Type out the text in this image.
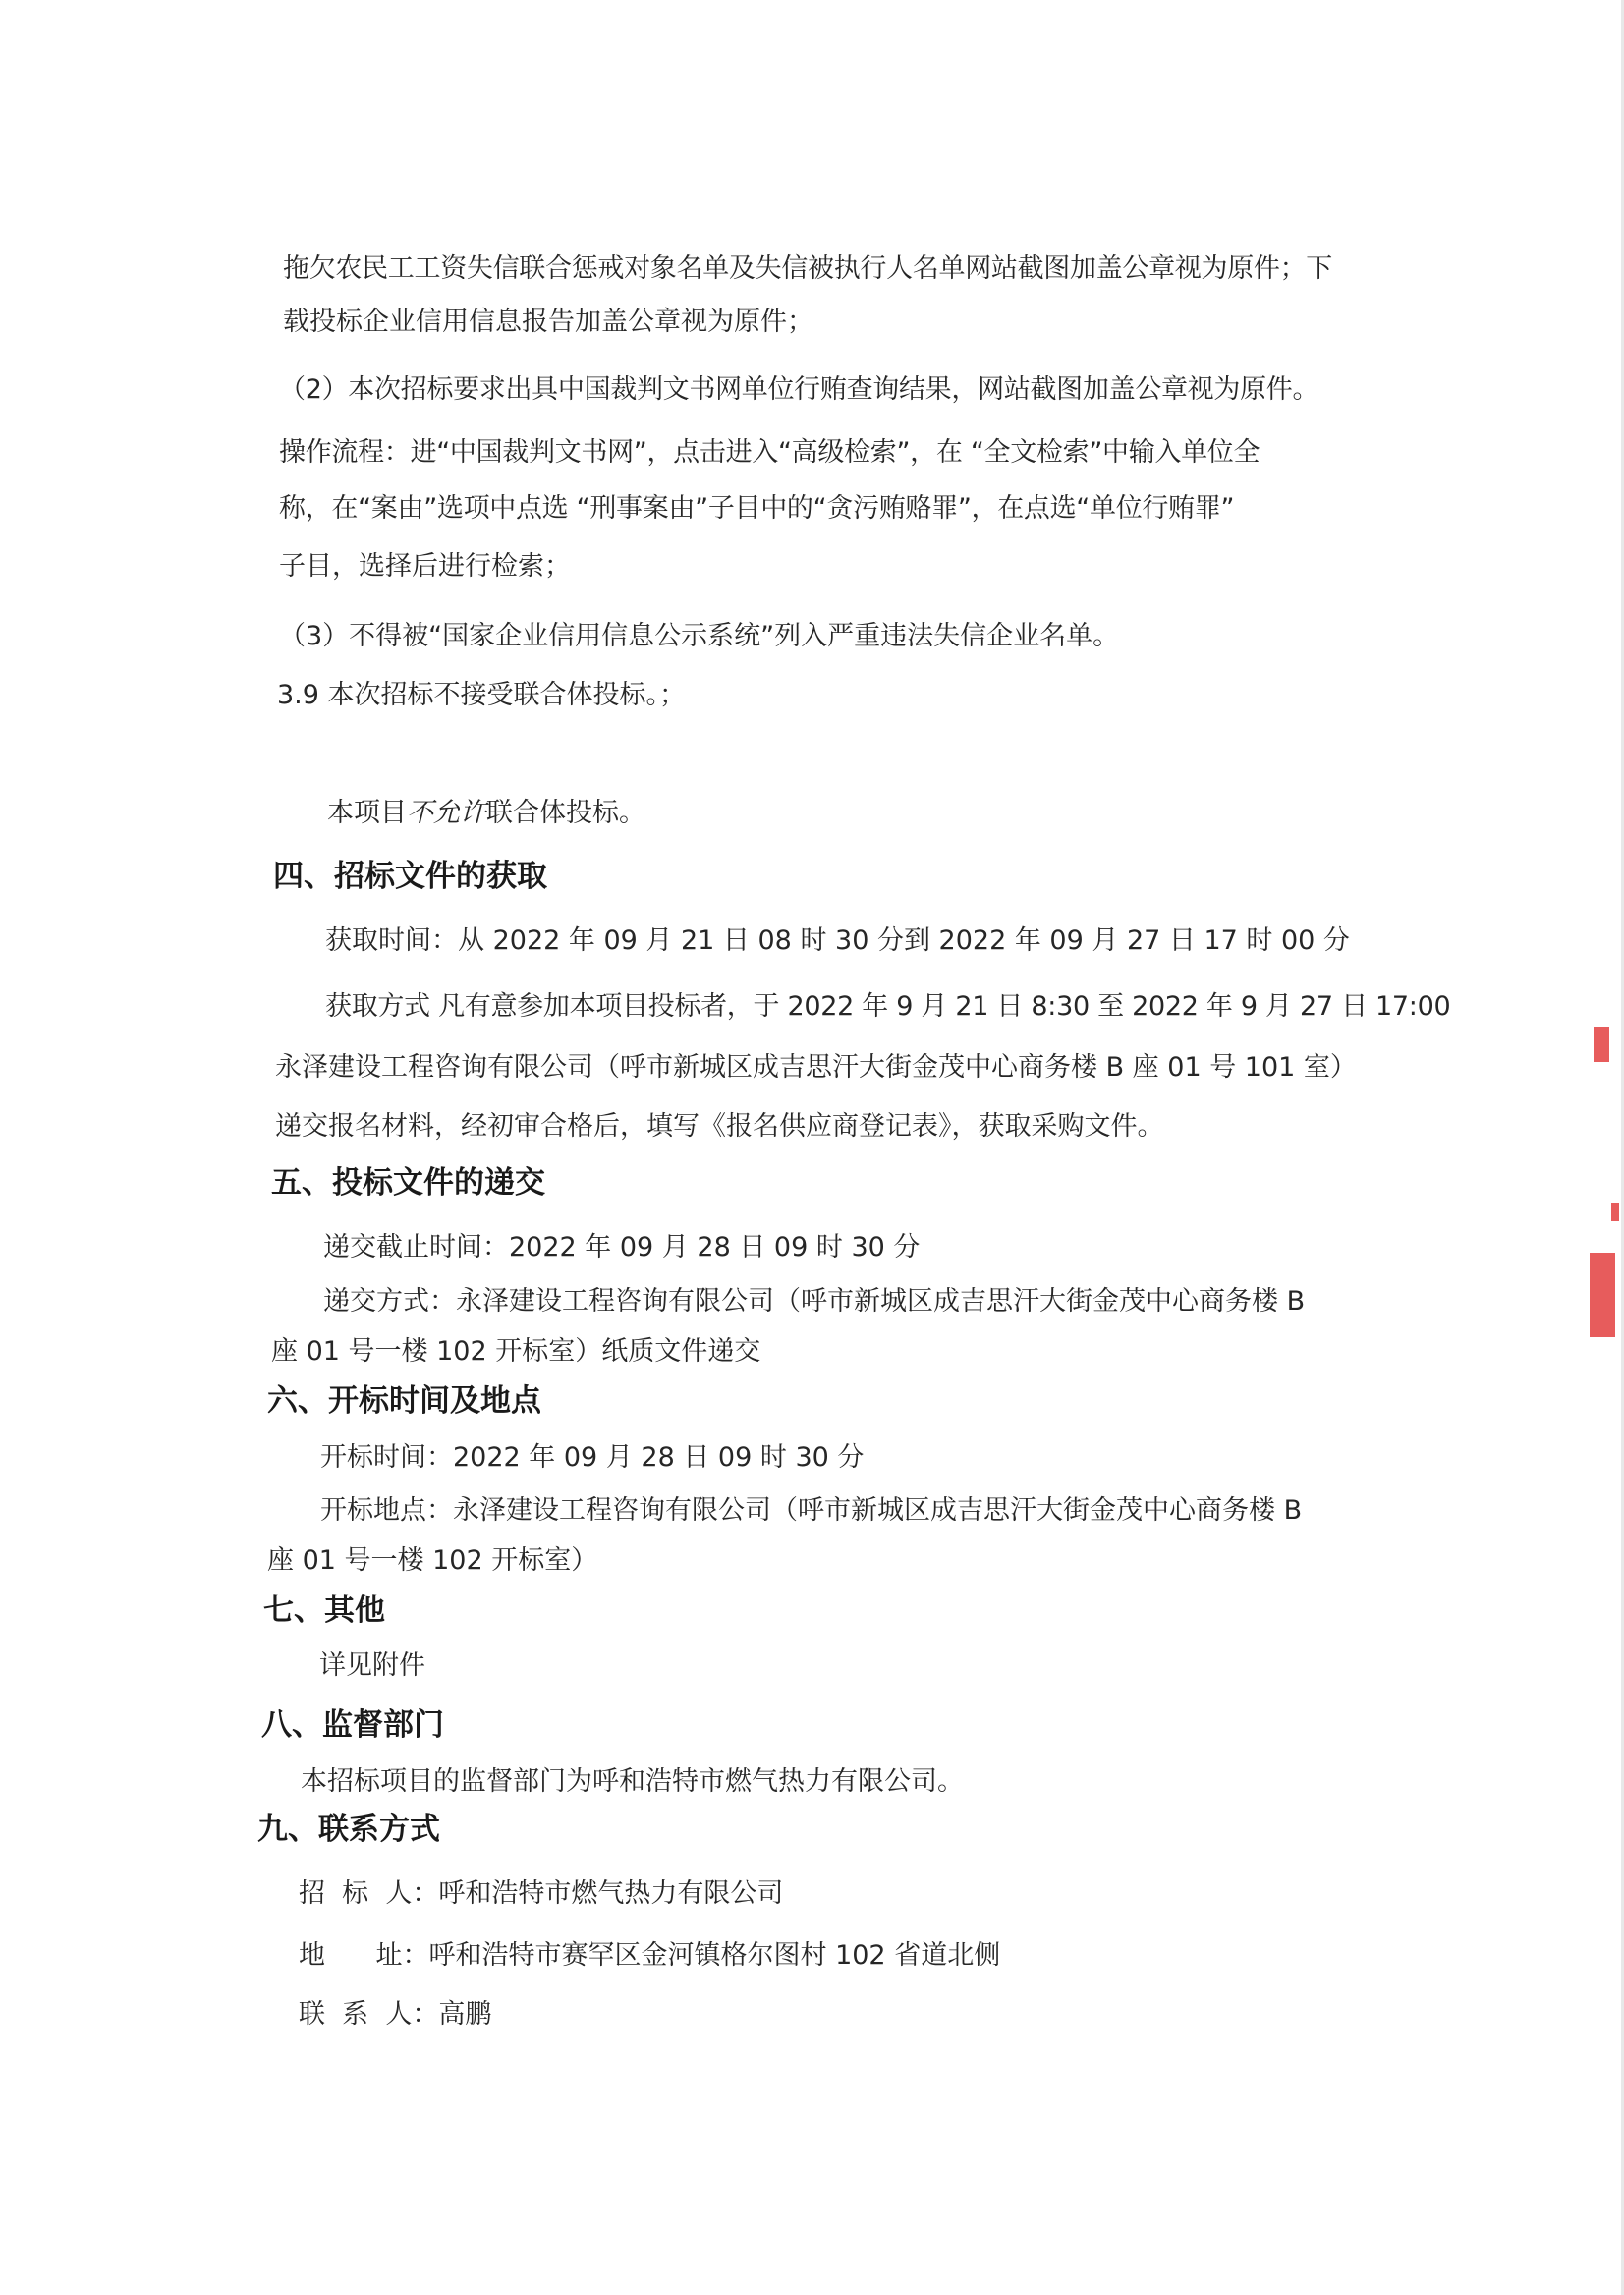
拖欠农民工工资失信联合惩戒对象名单及失信被执行人名单网站截图加盖公章视为原件；下
载投标企业信用信息报告加盖公章视为原件；
（2）本次招标要求出具中国裁判文书网单位行贿查询结果，网站截图加盖公章视为原件。
操作流程：进“中国裁判文书网”，点击进入“高级检索”，在 “全文检索”中输入单位全
称，在“案由”选项中点选 “刑事案由”子目中的“贪污贿赂罪”，在点选“单位行贿罪”
子目，选择后进行检索；
（3）不得被“国家企业信用信息公示系统”列入严重违法失信企业名单。
3.9 本次招标不接受联合体投标。；
本项目不允许联合体投标。
四、招标文件的获取
获取时间：从 2022 年 09 月 21 日 08 时 30 分到 2022 年 09 月 27 日 17 时 00 分
获取方式 凡有意参加本项目投标者，于 2022 年 9 月 21 日 8:30 至 2022 年 9 月 27 日 17:00
永泽建设工程咨询有限公司（呼市新城区成吉思汗大街金茂中心商务楼 B 座 01 号 101 室）
递交报名材料，经初审合格后，填写《报名供应商登记表》，获取采购文件。
五、投标文件的递交
递交截止时间：2022 年 09 月 28 日 09 时 30 分
递交方式：永泽建设工程咨询有限公司（呼市新城区成吉思汗大街金茂中心商务楼 B
座 01 号一楼 102 开标室）纸质文件递交
六、开标时间及地点
开标时间：2022 年 09 月 28 日 09 时 30 分
开标地点：永泽建设工程咨询有限公司（呼市新城区成吉思汗大街金茂中心商务楼 B
座 01 号一楼 102 开标室）
七、其他
详见附件
八、监督部门
本招标项目的监督部门为呼和浩特市燃气热力有限公司。
九、联系方式
招  标  人：呼和浩特市燃气热力有限公司
地      址：呼和浩特市赛罕区金河镇格尔图村 102 省道北侧
联  系  人：高鹏
